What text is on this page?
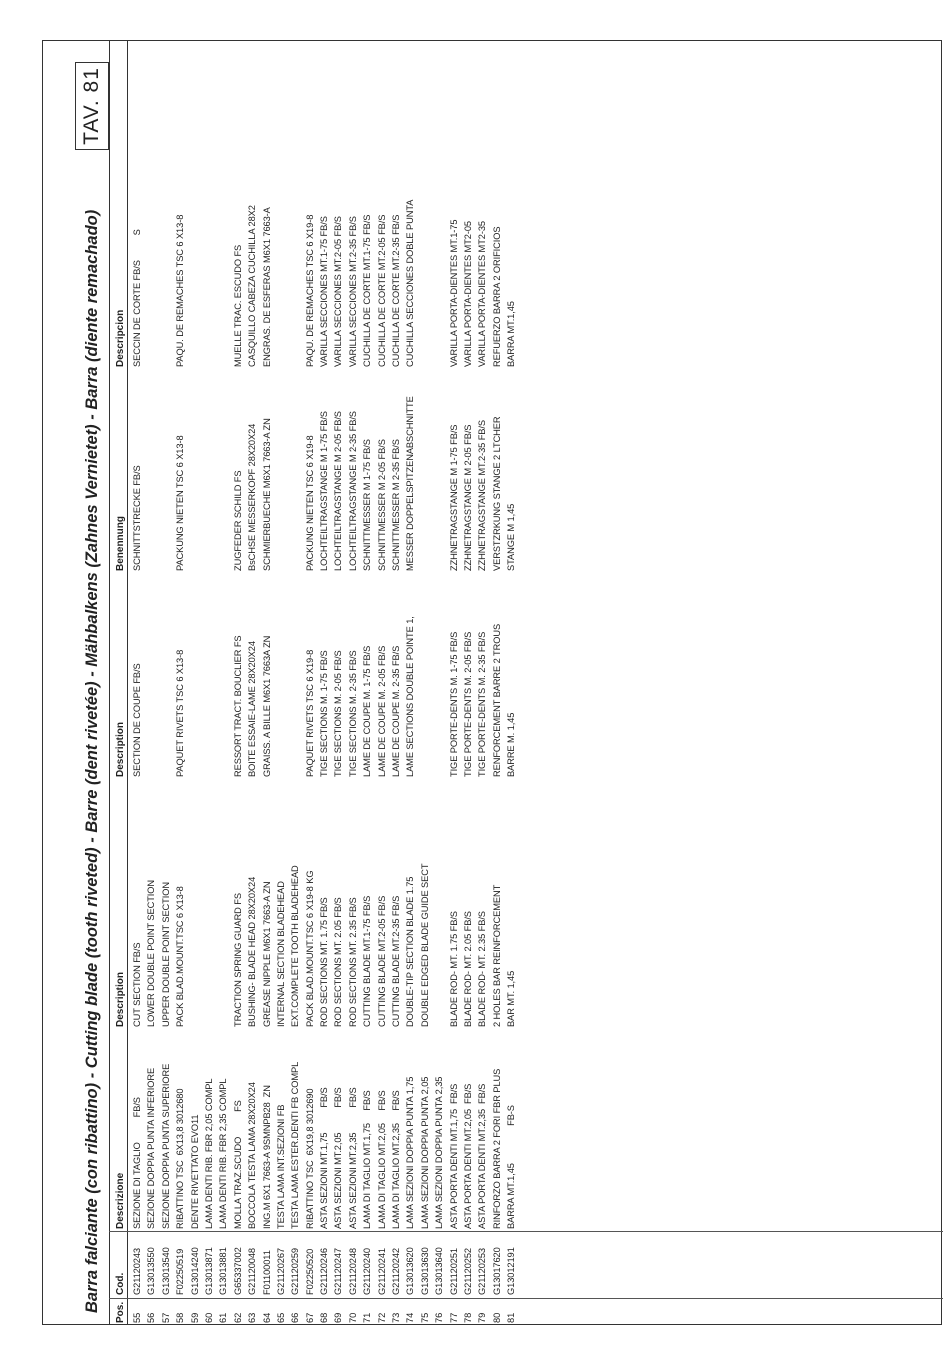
Barra falciante (con ribattino) - Cutting blade (tooth riveted) - Barre (dent rivetée) - Mähbalkens (Zahnes Vernietet) - Barra (diente remachado)
TAV. 81
Pos.
Cod.
Descrizione
Description
Description
Benennung
Descripcion
55
G21120243
SEZIONE DI TAGLIO          FB/S
CUT SECTION FB/S
SECTION DE COUPE FB/S
SCHNITTSTRECKE FB/S
SECCIN DE CORTE FB/S          S
56
G13013550
SEZIONE DOPPIA PUNTA INFERIORE
LOWER DOUBLE POINT SECTION
57
G13013540
SEZIONE DOPPIA PUNTA SUPERIORE
UPPER DOUBLE POINT SECTION
58
F02250519
RIBATTINO TSC  6X13,8 3012680
PACK BLAD.MOUNT.TSC 6 X13-8
PAQUET RIVETS TSC 6 X13-8
PACKUNG NIETEN TSC 6 X13-8
PAQU. DE REMACHES TSC 6 X13-8
59
G13014240
DENTE RIVETTATO EVO11
60
G13013871
LAMA DENTI RIB. FBR 2,05 COMPL
61
G13013881
LAMA DENTI RIB. FBR 2,35 COMPL
62
G65337002
MOLLA TRAZ.SCUDO          FS
TRACTION SPRING GUARD FS
RESSORT TRACT. BOUCLIER FS
ZUGFEDER SCHILD FS
MUELLE TRAC. ESCUDO FS
63
G21120048
BOCCOLA TESTA LAMA 28X20X24
BUSHING- BLADE HEAD 28X20X24
BOITE ESSAIE-LAME 28X20X24
BsCHSE MESSERKOPF 28X20X24
CASQUILLO CABEZA CUCHILLA 28X2
64
F01100011
ING.M 6X1 7663-A 9SMNPB28  ZN
GREASE NIPPLE M6X1 7663-A ZN
GRAISS. A BILLE M6X1 7663A ZN
SCHMIERBUECHE M6X1 7663-A ZN
ENGRAS. DE ESFERAS M6X1 7663-A
65
G21120267
TESTA LAMA INT.SEZIONI FB
INTERNAL SECTION BLADEHEAD
66
G21120259
TESTA LAMA ESTER.DENTI FB COMPL
EXT.COMPLETE TOOTH BLADEHEAD
67
F02250520
RIBATTINO TSC  6X19,8 3012690
PACK BLAD.MOUNT.TSC 6 X19-8 KG
PAQUET RIVETS TSC 6 X19-8
PACKUNG NIETEN TSC 6 X19-8
PAQU. DE REMACHES TSC 6 X19-8
68
G21120246
ASTA SEZIONI MT.1,75          FB/S
ROD SECTIONS MT. 1.75 FB/S
TIGE SECTIONS M. 1-75 FB/S
LOCHTEILTRAGSTANGE M 1-75 FB/S
VARILLA SECCIONES MT.1-75 FB/S
69
G21120247
ASTA SEZIONI MT.2,05          FB/S
ROD SECTIONS MT. 2.05 FB/S
TIGE SECTIONS M. 2-05 FB/S
LOCHTEILTRAGSTANGE M 2-05 FB/S
VARILLA SECCIONES MT.2-05 FB/S
70
G21120248
ASTA SEZIONI MT.2,35          FB/S
ROD SECTIONS MT. 2.35 FB/S
TIGE SECTIONS M. 2-35 FB/S
LOCHTEILTRAGSTANGE M 2-35 FB/S
VARILLA SECCIONES MT.2-35 FB/S
71
G21120240
LAMA DI TAGLIO MT.1,75     FB/S
CUTTING BLADE MT.1-75 FB/S
LAME DE COUPE M. 1-75 FB/S
SCHNITTMESSER M 1-75 FB/S
CUCHILLA DE CORTE MT.1-75 FB/S
72
G21120241
LAMA DI TAGLIO MT.2,05     FB/S
CUTTING BLADE MT.2-05 FB/S
LAME DE COUPE M. 2-05 FB/S
SCHNITTMESSER M 2-05 FB/S
CUCHILLA DE CORTE MT.2-05 FB/S
73
G21120242
LAMA DI TAGLIO MT.2,35     FB/S
CUTTING BLADE MT.2-35 FB/S
LAME DE COUPE M. 2-35 FB/S
SCHNITTMESSER M 2-35 FB/S
CUCHILLA DE CORTE MT.2-35 FB/S
74
G13013620
LAMA SEZIONI DOPPIA PUNTA 1,75
DOUBLE-TIP SECTION BLADE 1.75
LAME SECTIONS DOUBLE POINTE 1,
MESSER DOPPELSPITZENABSCHNITTE
CUCHILLA SECCIONES DOBLE PUNTA
75
G13013630
LAMA SEZIONI DOPPIA PUNTA 2,05
DOUBLE EDGED BLADE GUIDE SECT
76
G13013640
LAMA SEZIONI DOPPIA PUNTA 2,35
77
G21120251
ASTA PORTA DENTI MT.1,75  FB/S
BLADE ROD- MT. 1.75 FB/S
TIGE PORTE-DENTS M. 1-75 FB/S
ZZHNETRAGSTANGE M 1-75 FB/S
VARILLA PORTA-DIENTES MT.1-75
78
G21120252
ASTA PORTA DENTI MT.2,05  FB/S
BLADE ROD- MT. 2.05 FB/S
TIGE PORTE-DENTS M. 2-05 FB/S
ZZHNETRAGSTANGE M 2-05 FB/S
VARILLA PORTA-DIENTES MT2-05
79
G21120253
ASTA PORTA DENTI MT.2,35  FB/S
BLADE ROD- MT. 2.35 FB/S
TIGE PORTE-DENTS M. 2-35 FB/S
ZZHNETRAGSTANGE MT.2-35 FB/S
VARILLA PORTA-DIENTES MT2-35
80
G13017620
RINFORZO BARRA 2 FORI FBR PLUS
2 HOLES BAR REINFORCEMENT
RENFORCEMENT BARRE 2 TROUS
VERSTZRKUNG STANGE 2 LTCHER
REFUERZO BARRA 2 ORIFICIOS
81
G13012191
BARRA MT.1,45               FB-S
BAR MT. 1,45
BARRE M. 1,45
STANGE M 1,45
BARRA MT.1,45
